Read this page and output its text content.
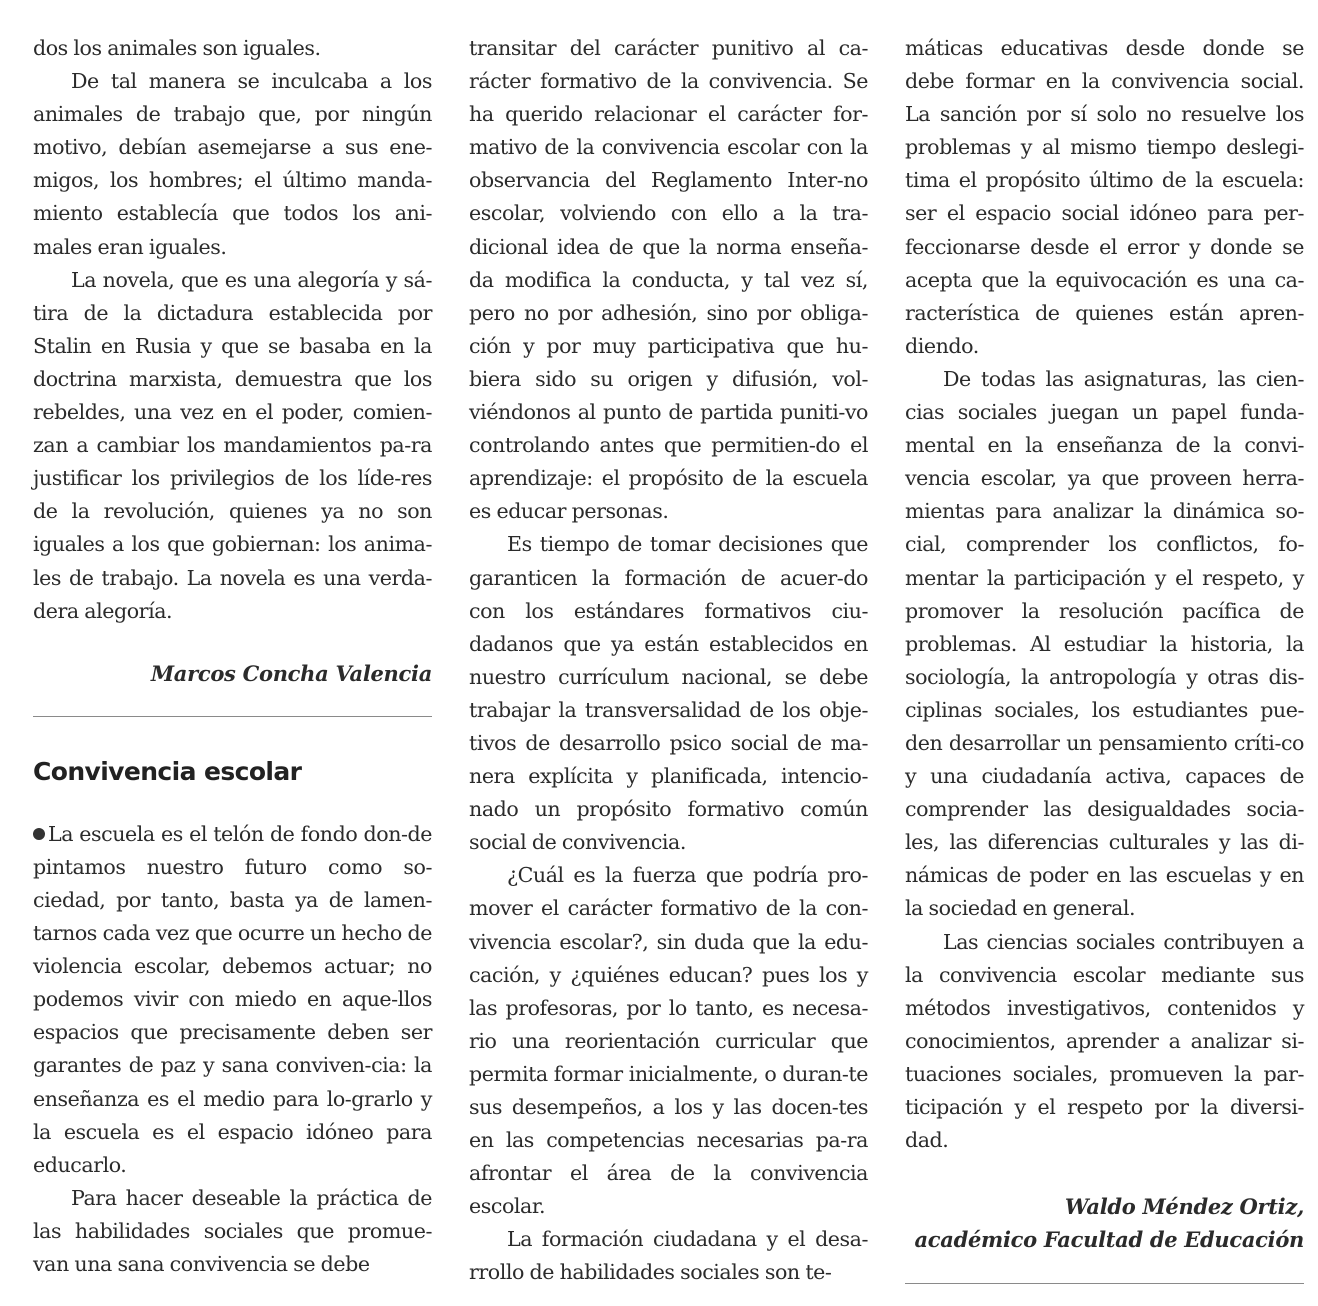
dos los animales son iguales.

De tal manera se inculcaba a los animales de trabajo que, por ningún motivo, debían asemejarse a sus ene-migos, los hombres; el último manda-miento establecía que todos los ani-males eran iguales.

La novela, que es una alegoría y sá-tira de la dictadura establecida por Stalin en Rusia y que se basaba en la doctrina marxista, demuestra que los rebeldes, una vez en el poder, comien-zan a cambiar los mandamientos pa-ra justificar los privilegios de los líde-res de la revolución, quienes ya no son iguales a los que gobiernan: los anima-les de trabajo. La novela es una verda-dera alegoría.

Marcos Concha Valencia

Convivencia escolar

La escuela es el telón de fondo don-de pintamos nuestro futuro como so-ciedad, por tanto, basta ya de lamen-tarnos cada vez que ocurre un hecho de violencia escolar, debemos actuar; no podemos vivir con miedo en aque-llos espacios que precisamente deben ser garantes de paz y sana conviven-cia: la enseñanza es el medio para lo-grarlo y la escuela es el espacio idóneo para educarlo.

Para hacer deseable la práctica de las habilidades sociales que promue-van una sana convivencia se debe

transitar del carácter punitivo al ca-rácter formativo de la convivencia. Se ha querido relacionar el carácter for-mativo de la convivencia escolar con la observancia del Reglamento Inter-no escolar, volviendo con ello a la tra-dicional idea de que la norma enseña-da modifica la conducta, y tal vez sí, pero no por adhesión, sino por obliga-ción y por muy participativa que hu-biera sido su origen y difusión, vol-viéndonos al punto de partida puniti-vo controlando antes que permitien-do el aprendizaje: el propósito de la escuela es educar personas.

Es tiempo de tomar decisiones que garanticen la formación de acuer-do con los estándares formativos ciu-dadanos que ya están establecidos en nuestro currículum nacional, se debe trabajar la transversalidad de los obje-tivos de desarrollo psico social de ma-nera explícita y planificada, intencio-nado un propósito formativo común social de convivencia.

¿Cuál es la fuerza que podría pro-mover el carácter formativo de la con-vivencia escolar?, sin duda que la edu-cación, y ¿quiénes educan? pues los y las profesoras, por lo tanto, es necesa-rio una reorientación curricular que permita formar inicialmente, o duran-te sus desempeños, a los y las docen-tes en las competencias necesarias pa-ra afrontar el área de la convivencia escolar.

La formación ciudadana y el desa-rrollo de habilidades sociales son te-

máticas educativas desde donde se debe formar en la convivencia social. La sanción por sí solo no resuelve los problemas y al mismo tiempo deslegi-tima el propósito último de la escuela: ser el espacio social idóneo para per-feccionarse desde el error y donde se acepta que la equivocación es una ca-racterística de quienes están apren-diendo.

De todas las asignaturas, las cien-cias sociales juegan un papel funda-mental en la enseñanza de la convi-vencia escolar, ya que proveen herra-mientas para analizar la dinámica so-cial, comprender los conflictos, fo-mentar la participación y el respeto, y promover la resolución pacífica de problemas. Al estudiar la historia, la sociología, la antropología y otras dis-ciplinas sociales, los estudiantes pue-den desarrollar un pensamiento críti-co y una ciudadanía activa, capaces de comprender las desigualdades socia-les, las diferencias culturales y las di-námicas de poder en las escuelas y en la sociedad en general.

Las ciencias sociales contribuyen a la convivencia escolar mediante sus métodos investigativos, contenidos y conocimientos, aprender a analizar si-tuaciones sociales, promueven la par-ticipación y el respeto por la diversi-dad.

Waldo Méndez Ortiz,

académico Facultad de Educación
